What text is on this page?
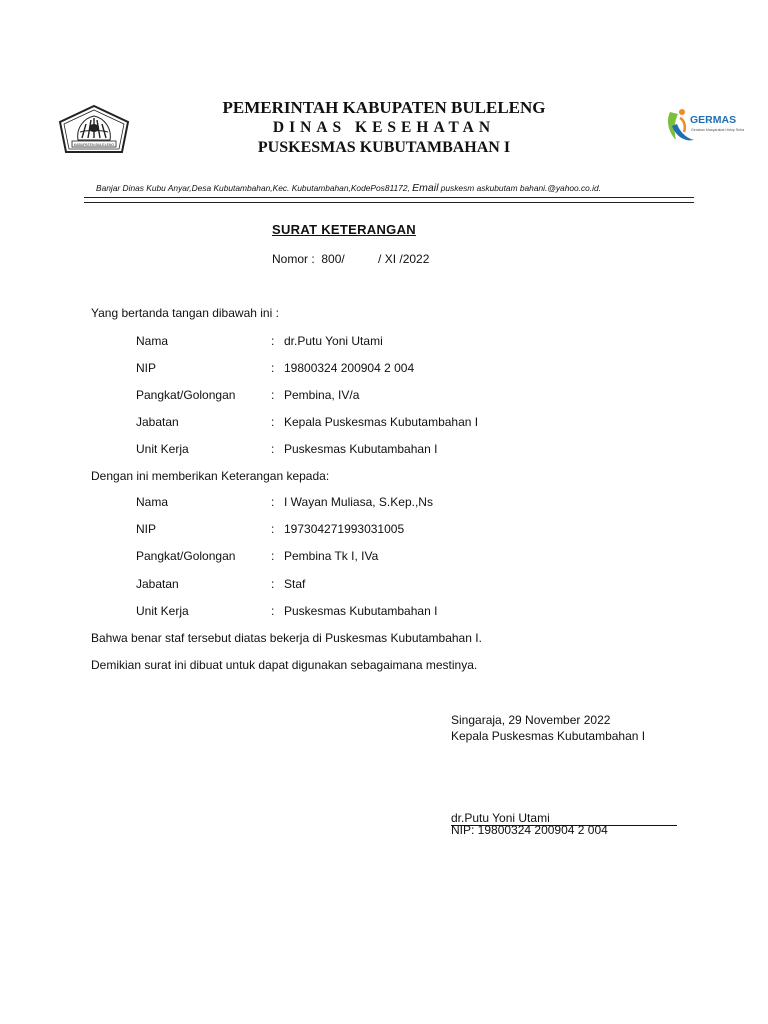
KABUPATEN BULELENG
PEMERINTAH KABUPATEN BULELENG
DINAS KESEHATAN
PUSKESMAS KUBUTAMBAHAN I
GERMAS
Gerakan Masyarakat Hidup Sehat
Banjar Dinas Kubu Anyar,Desa Kubutambahan,Kec. Kubutambahan,KodePos81172, Email puskesm askubutam bahani.@yahoo.co.id.
SURAT KETERANGAN
Nomor :  800/          / XI /2022
Yang bertanda tangan dibawah ini :
Nama	: dr.Putu Yoni Utami
NIP	: 19800324 200904 2 004
Pangkat/Golongan	: Pembina, IV/a
Jabatan	: Kepala Puskesmas Kubutambahan I
Unit Kerja	: Puskesmas Kubutambahan I
Dengan ini memberikan Keterangan kepada:
Nama	: I Wayan Muliasa, S.Kep.,Ns
NIP	: 197304271993031005
Pangkat/Golongan	: Pembina Tk I, IVa
Jabatan	: Staf
Unit Kerja	: Puskesmas Kubutambahan I
Bahwa benar staf tersebut diatas bekerja di Puskesmas Kubutambahan I.
Demikian surat ini dibuat untuk dapat digunakan sebagaimana mestinya.
Singaraja, 29 November 2022
Kepala Puskesmas Kubutambahan I
dr.Putu Yoni Utami
NIP: 19800324 200904 2 004
